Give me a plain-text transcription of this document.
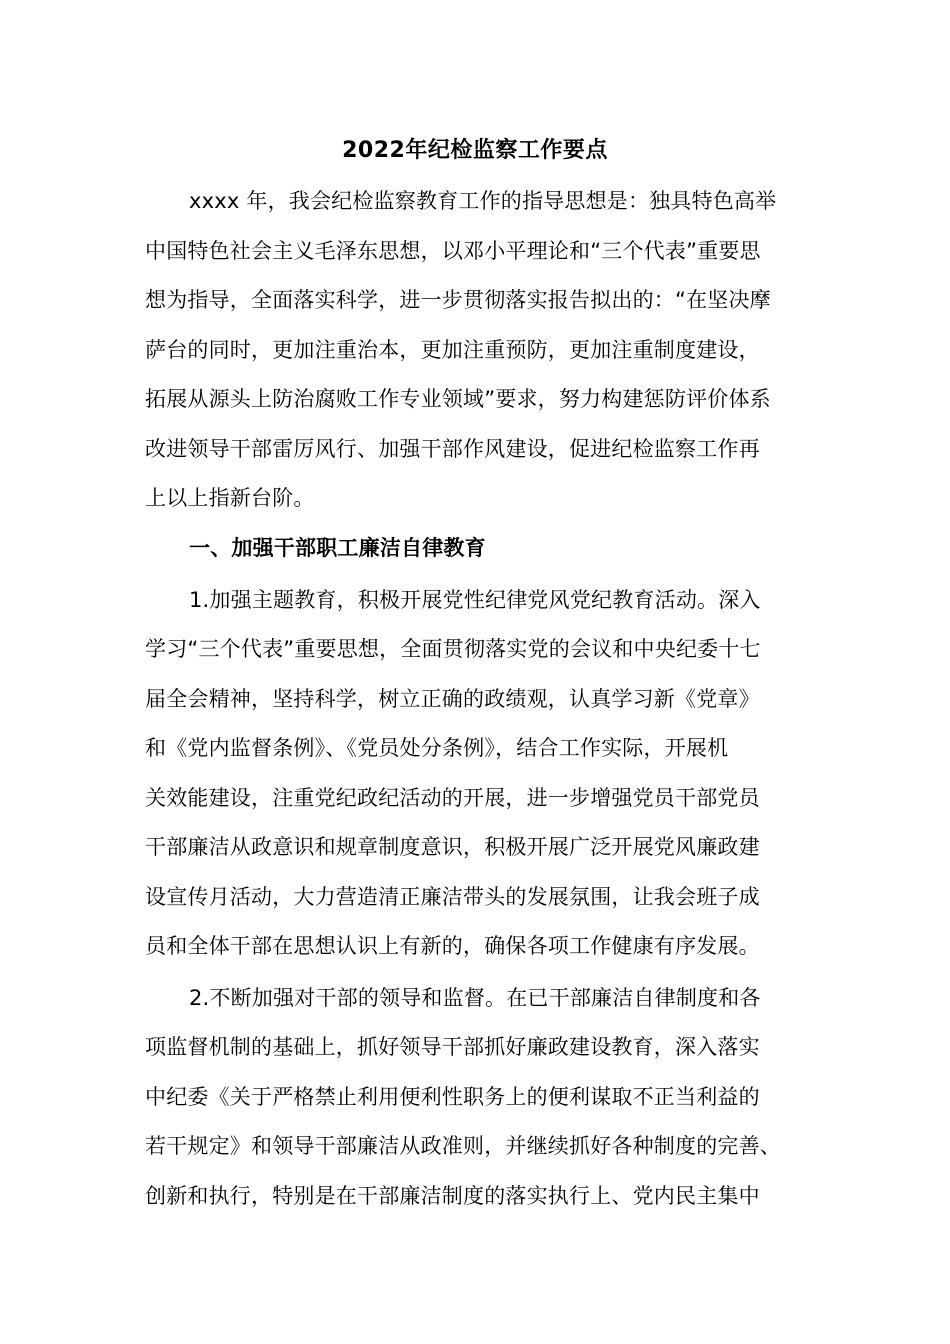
2022年纪检监察工作要点
xxxx 年，我会纪检监察教育工作的指导思想是：独具特色高举
中国特色社会主义毛泽东思想，以邓小平理论和“三个代表”重要思
想为指导，全面落实科学，进一步贯彻落实报告拟出的：“在坚决摩
萨台的同时，更加注重治本，更加注重预防，更加注重制度建设，
拓展从源头上防治腐败工作专业领域”要求，努力构建惩防评价体系
改进领导干部雷厉风行、加强干部作风建设，促进纪检监察工作再
上以上指新台阶。
一、加强干部职工廉洁自律教育
1.加强主题教育，积极开展党性纪律党风党纪教育活动。深入
学习“三个代表”重要思想，全面贯彻落实党的会议和中央纪委十七
届全会精神，坚持科学，树立正确的政绩观，认真学习新《党章》
和《党内监督条例》、《党员处分条例》，结合工作实际，开展机
关效能建设，注重党纪政纪活动的开展，进一步增强党员干部党员
干部廉洁从政意识和规章制度意识，积极开展广泛开展党风廉政建
设宣传月活动，大力营造清正廉洁带头的发展氛围，让我会班子成
员和全体干部在思想认识上有新的，确保各项工作健康有序发展。
2.不断加强对干部的领导和监督。在已干部廉洁自律制度和各
项监督机制的基础上，抓好领导干部抓好廉政建设教育，深入落实
中纪委《关于严格禁止利用便利性职务上的便利谋取不正当利益的
若干规定》和领导干部廉洁从政准则，并继续抓好各种制度的完善、
创新和执行，特别是在干部廉洁制度的落实执行上、党内民主集中
